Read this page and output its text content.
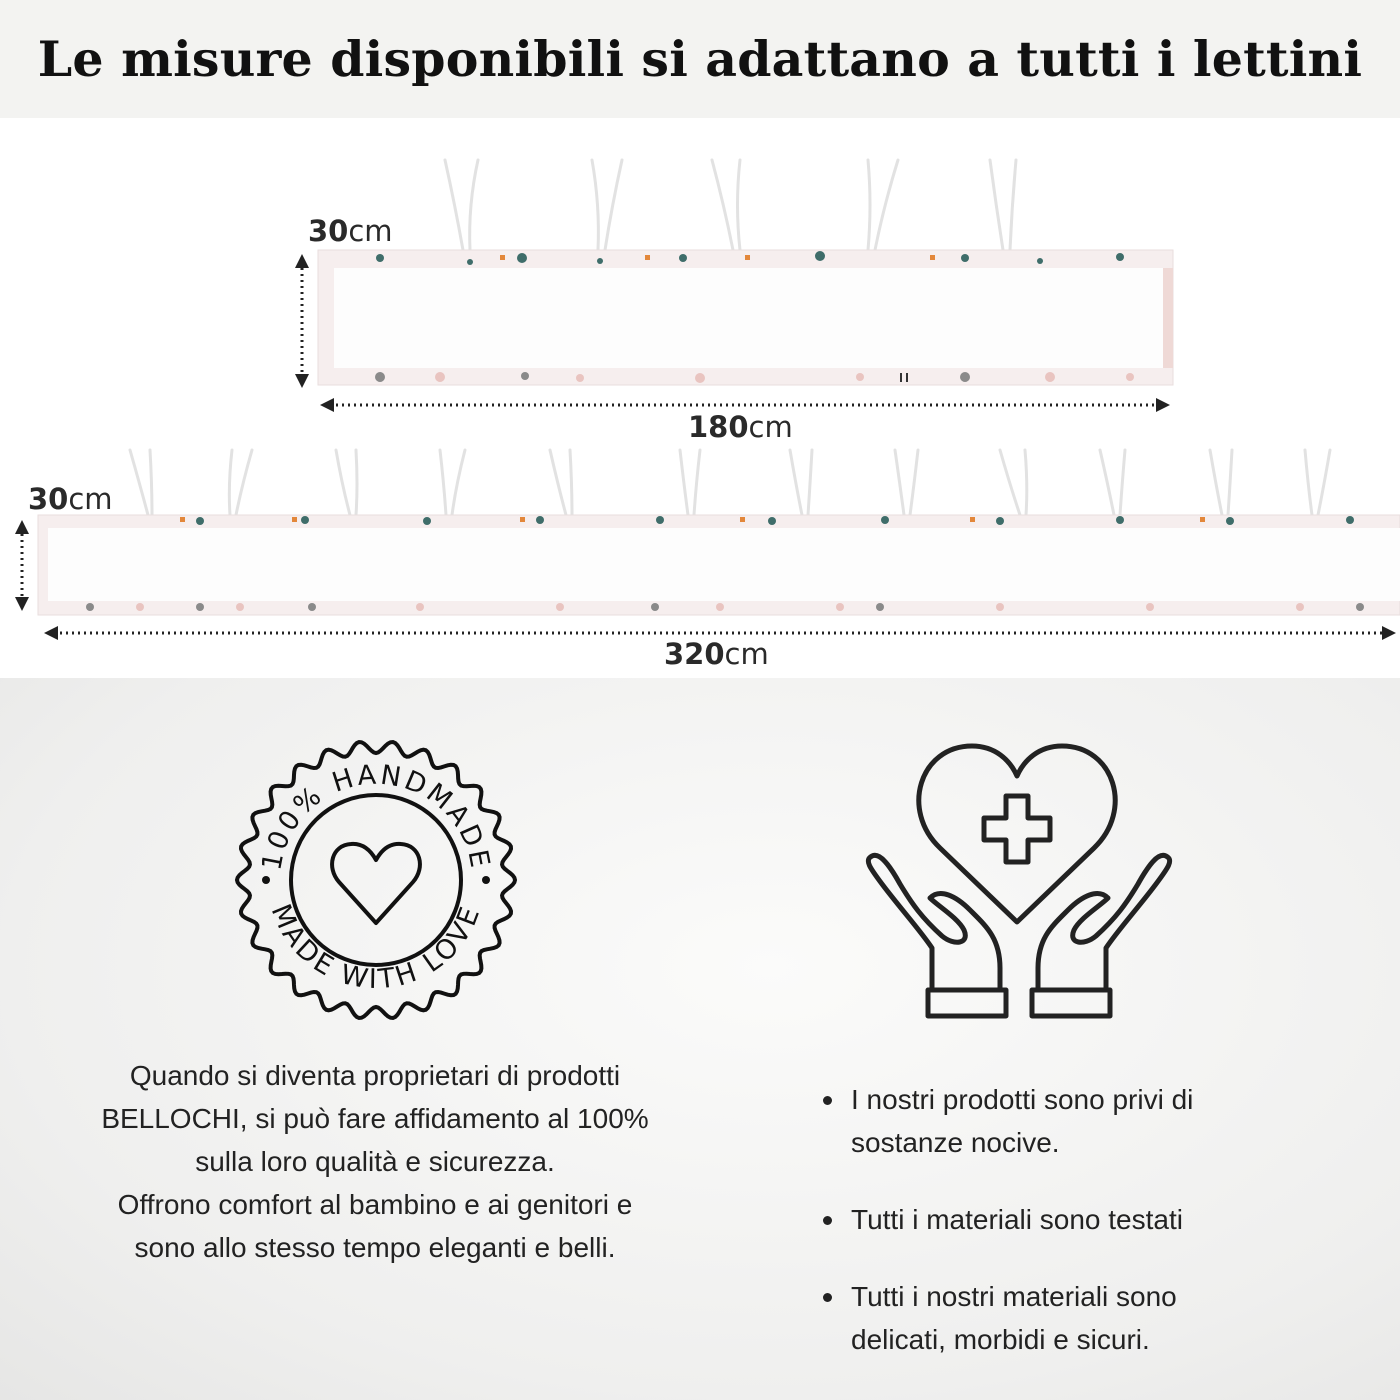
Le misure disponibili si adattano a tutti i lettini
30cm
180cm
30cm
320cm
100% HANDMADE
MADE WITH LOVE
Quando si diventa proprietari di prodotti
BELLOCHI, si può fare affidamento al 100%
sulla loro qualità e sicurezza.
Offrono comfort al bambino e ai genitori e
sono allo stesso tempo eleganti e belli.
I nostri prodotti sono privi di
sostanze nocive.
Tutti i materiali sono testati
Tutti i nostri materiali sono
delicati, morbidi e sicuri.
